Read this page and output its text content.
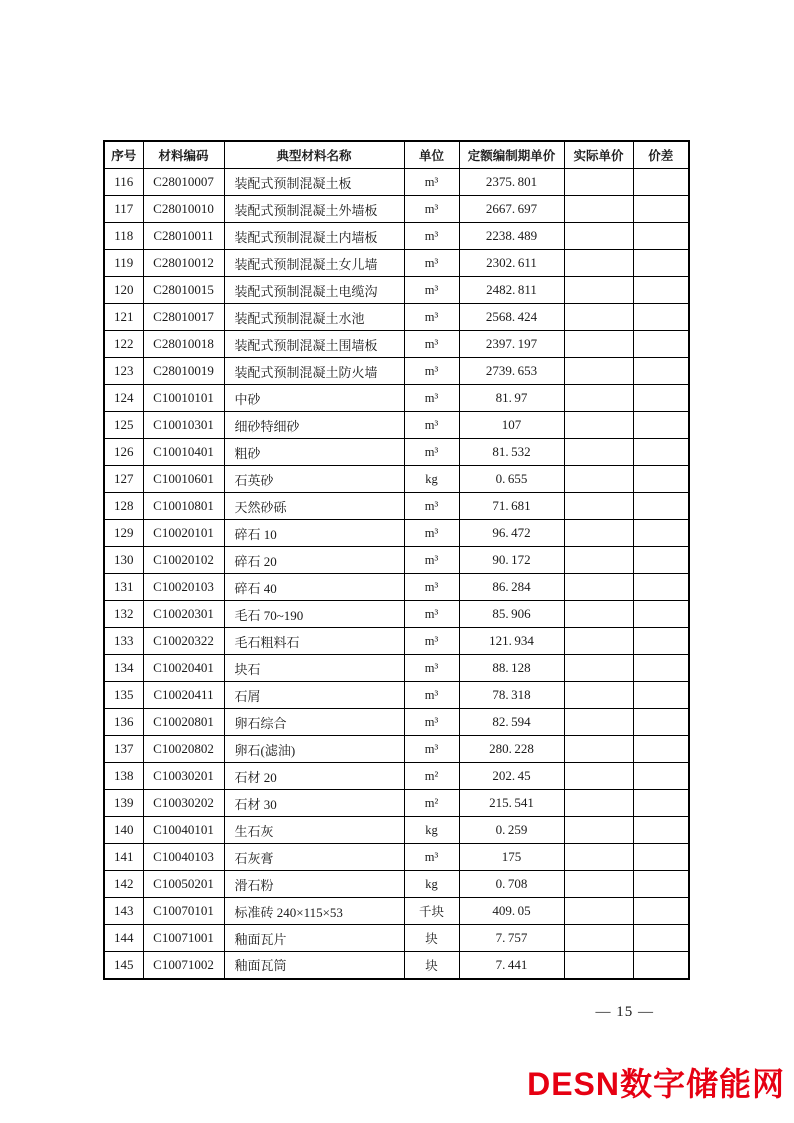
序号	材料编码	典型材料名称	单位	定额编制期单价	实际单价	价差
116	C28010007	装配式预制混凝土板	m³	2375. 801		
117	C28010010	装配式预制混凝土外墙板	m³	2667. 697		
118	C28010011	装配式预制混凝土内墙板	m³	2238. 489		
119	C28010012	装配式预制混凝土女儿墙	m³	2302. 611		
120	C28010015	装配式预制混凝土电缆沟	m³	2482. 811		
121	C28010017	装配式预制混凝土水池	m³	2568. 424		
122	C28010018	装配式预制混凝土围墙板	m³	2397. 197		
123	C28010019	装配式预制混凝土防火墙	m³	2739. 653		
124	C10010101	中砂	m³	81. 97		
125	C10010301	细砂特细砂	m³	107		
126	C10010401	粗砂	m³	81. 532		
127	C10010601	石英砂	kg	0. 655		
128	C10010801	天然砂砾	m³	71. 681		
129	C10020101	碎石 10	m³	96. 472		
130	C10020102	碎石 20	m³	90. 172		
131	C10020103	碎石 40	m³	86. 284		
132	C10020301	毛石 70~190	m³	85. 906		
133	C10020322	毛石粗料石	m³	121. 934		
134	C10020401	块石	m³	88. 128		
135	C10020411	石屑	m³	78. 318		
136	C10020801	卵石综合	m³	82. 594		
137	C10020802	卵石(滤油)	m³	280. 228		
138	C10030201	石材 20	m²	202. 45		
139	C10030202	石材 30	m²	215. 541		
140	C10040101	生石灰	kg	0. 259		
141	C10040103	石灰膏	m³	175		
142	C10050201	滑石粉	kg	0. 708		
143	C10070101	标准砖 240×115×53	千块	409. 05		
144	C10071001	釉面瓦片	块	7. 757		
145	C10071002	釉面瓦筒	块	7. 441		
— 15 —
DESN数字储能网
